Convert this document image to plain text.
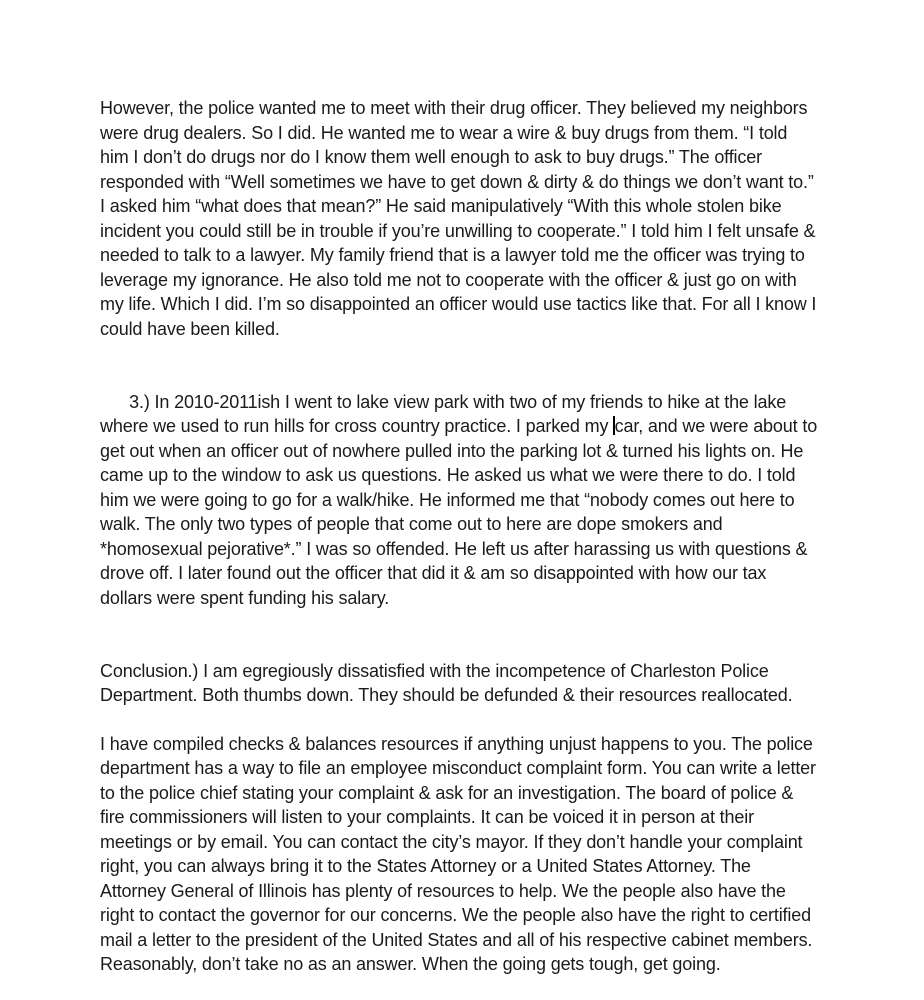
However, the police wanted me to meet with their drug officer. They believed my neighbors were drug dealers. So I did. He wanted me to wear a wire & buy drugs from them. “I told him I don’t do drugs nor do I know them well enough to ask to buy drugs.” The officer responded with “Well sometimes we have to get down & dirty & do things we don’t want to.” I asked him “what does that mean?” He said manipulatively “With this whole stolen bike incident you could still be in trouble if you’re unwilling to cooperate.” I told him I felt unsafe & needed to talk to a lawyer. My family friend that is a lawyer told me the officer was trying to leverage my ignorance. He also told me not to cooperate with the officer & just go on with my life. Which I did. I’m so disappointed an officer would use tactics like that. For all I know I could have been killed.

3.) In 2010-2011ish I went to lake view park with two of my friends to hike at the lake where we used to run hills for cross country practice. I parked my car, and we were about to get out when an officer out of nowhere pulled into the parking lot & turned his lights on. He came up to the window to ask us questions. He asked us what we were there to do. I told him we were going to go for a walk/hike. He informed me that “nobody comes out here to walk. The only two types of people that come out to here are dope smokers and *homosexual pejorative*.” I was so offended. He left us after harassing us with questions & drove off. I later found out the officer that did it & am so disappointed with how our tax dollars were spent funding his salary.

Conclusion.) I am egregiously dissatisfied with the incompetence of Charleston Police Department. Both thumbs down. They should be defunded & their resources reallocated.

I have compiled checks & balances resources if anything unjust happens to you. The police department has a way to file an employee misconduct complaint form. You can write a letter to the police chief stating your complaint & ask for an investigation. The board of police & fire commissioners will listen to your complaints. It can be voiced it in person at their meetings or by email. You can contact the city’s mayor. If they don’t handle your complaint right, you can always bring it to the States Attorney or a United States Attorney. The Attorney General of Illinois has plenty of resources to help. We the people also have the right to contact the governor for our concerns. We the people also have the right to certified mail a letter to the president of the United States and all of his respective cabinet members. Reasonably, don’t take no as an answer. When the going gets tough, get going.
